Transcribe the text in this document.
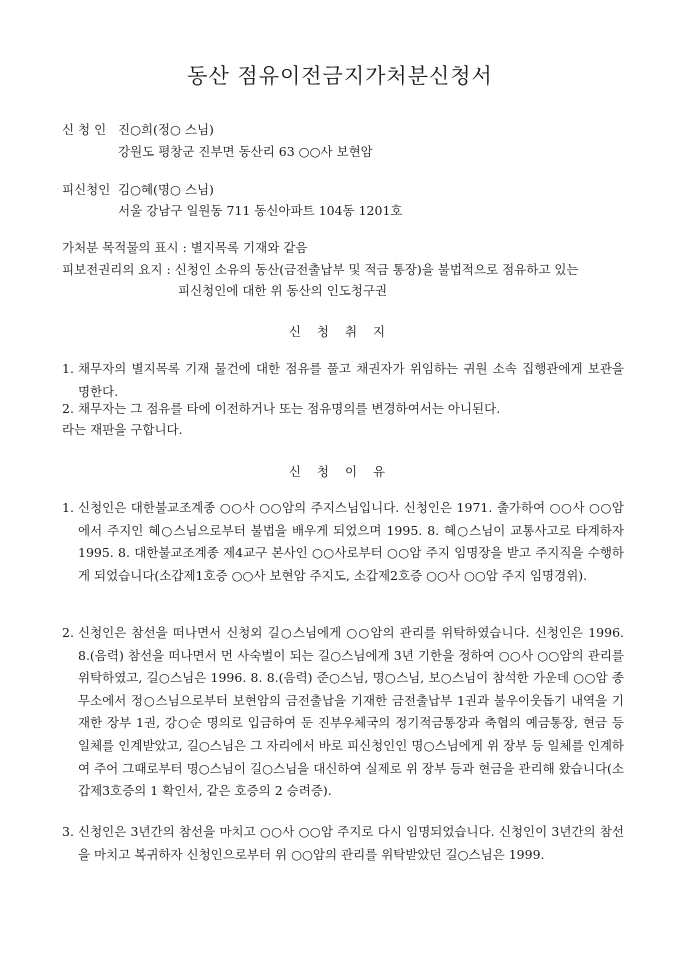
동산 점유이전금지가처분신청서
신 청 인 진○희(정○ 스님)
강원도 평창군 진부면 동산리 63 ○○사 보현암
피신청인 김○혜(명○ 스님)
서울 강남구 일원동 711 동신아파트 104동 1201호
가처분 목적물의 표시 : 별지목록 기재와 같음
피보전권리의 요지 : 신청인 소유의 동산(금전출납부 및 적금 통장)을 불법적으로 점유하고 있는
피신청인에 대한 위 동산의 인도청구권
신 청 취 지
1. 채무자의 별지목록 기재 물건에 대한 점유를 풀고 채권자가 위임하는 귀원 소속 집행관에게 보관을 명한다.
2. 채무자는 그 점유를 타에 이전하거나 또는 점유명의를 변경하여서는 아니된다.
라는 재판을 구합니다.
신 청 이 유
1. 신청인은 대한불교조계종 ○○사 ○○암의 주지스님입니다. 신청인은 1971. 출가하여 ○○사 ○○암에서 주지인 혜○스님으로부터 불법을 배우게 되었으며 1995. 8. 혜○스님이 교통사고로 타계하자 1995. 8. 대한불교조계종 제4교구 본사인 ○○사로부터 ○○암 주지 임명장을 받고 주지직을 수행하게 되었습니다(소갑제1호증 ○○사 보현암 주지도, 소갑제2호증 ○○사 ○○암 주지 임명경위).
2. 신청인은 참선을 떠나면서 신청외 길○스님에게 ○○암의 관리를 위탁하였습니다. 신청인은 1996. 8.(음력) 참선을 떠나면서 먼 사숙벌이 되는 길○스님에게 3년 기한을 정하여 ○○사 ○○암의 관리를 위탁하였고, 길○스님은 1996. 8. 8.(음력) 준○스님, 명○스님, 보○스님이 참석한 가운데 ○○암 종무소에서 정○스님으로부터 보현암의 금전출납을 기재한 금전출납부 1권과 불우이웃돕기 내역을 기재한 장부 1권, 강○순 명의로 입금하여 둔 진부우체국의 정기적금통장과 축협의 예금통장, 현금 등 일체를 인계받았고, 길○스님은 그 자리에서 바로 피신청인인 명○스님에게 위 장부 등 일체를 인계하여 주어 그때로부터 명○스님이 길○스님을 대신하여 실제로 위 장부 등과 현금을 관리해 왔습니다(소갑제3호증의 1 확인서, 같은 호증의 2 승려증).
3. 신청인은 3년간의 참선을 마치고 ○○사 ○○암 주지로 다시 임명되었습니다. 신청인이 3년간의 참선을 마치고 복귀하자 신청인으로부터 위 ○○암의 관리를 위탁받았던 길○스님은 1999.
